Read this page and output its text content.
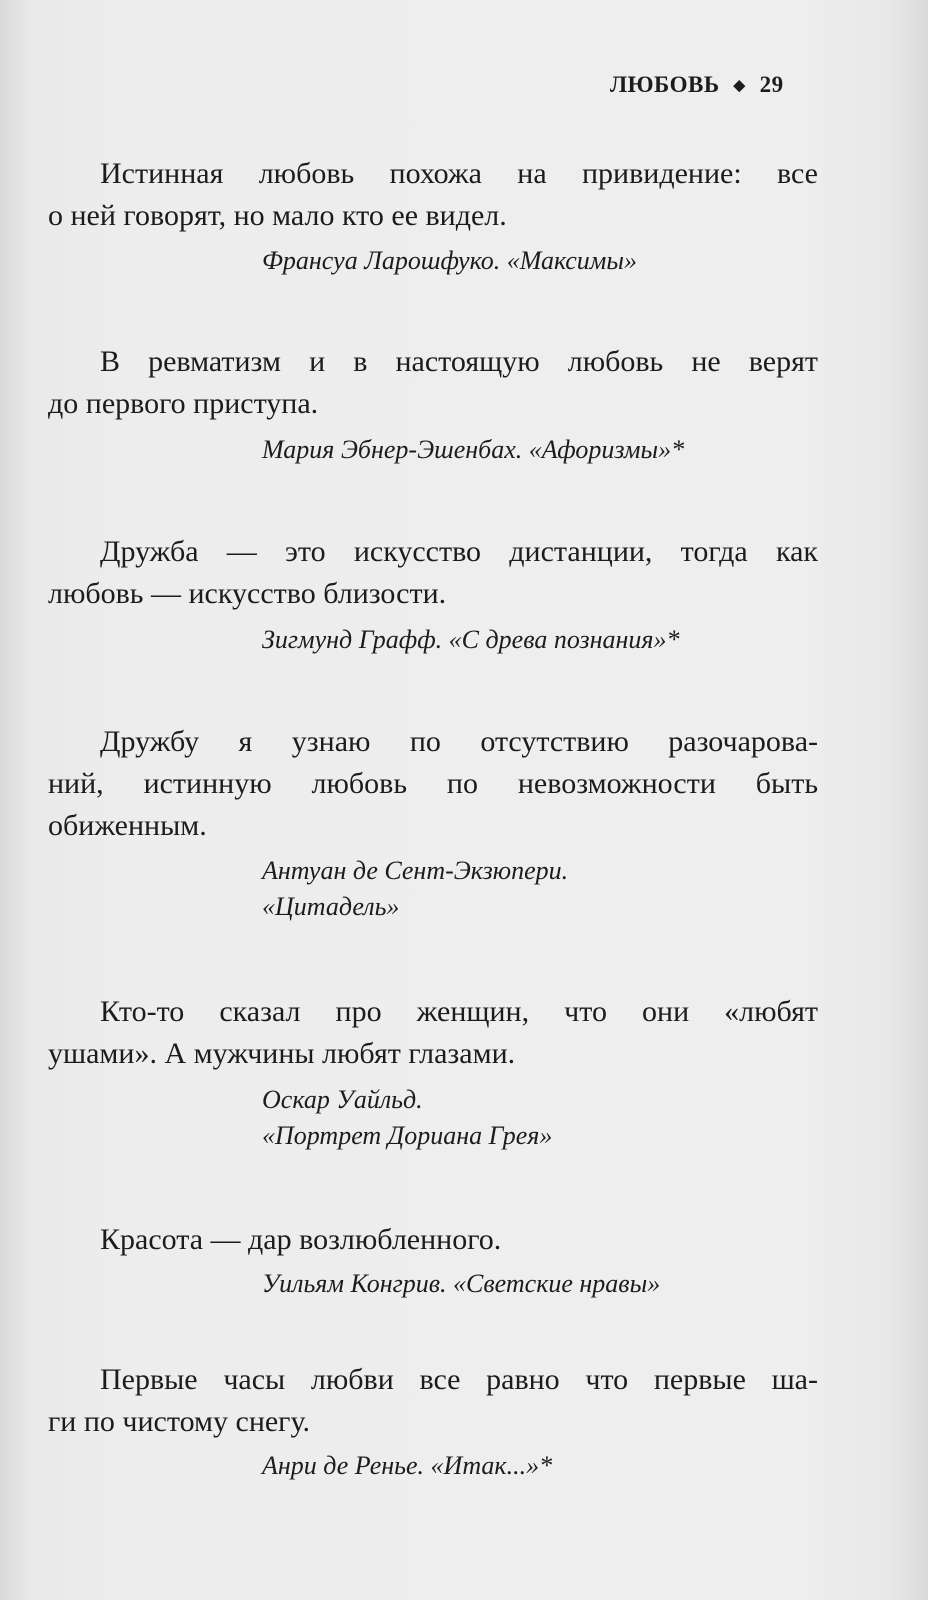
ЛЮБОВЬ ◆ 29

Истинная любовь похожа на привидение: все
о ней говорят, но мало кто ее видел.

Франсуа Ларошфуко. «Максимы»

В ревматизм и в настоящую любовь не верят
до первого приступа.

Мария Эбнер-Эшенбах. «Афоризмы»*

Дружба — это искусство дистанции, тогда как
любовь — искусство близости.

Зигмунд Графф. «С древа познания»*

Дружбу я узнаю по отсутствию разочарова-
ний, истинную любовь по невозможности быть
обиженным.

Антуан де Сент-Экзюпери.
«Цитадель»

Кто-то сказал про женщин, что они «любят
ушами». А мужчины любят глазами.

Оскар Уайльд.
«Портрет Дориана Грея»

Красота — дар возлюбленного.

Уильям Конгрив. «Светские нравы»

Первые часы любви все равно что первые ша-
ги по чистому снегу.

Анри де Ренье. «Итак...»*
